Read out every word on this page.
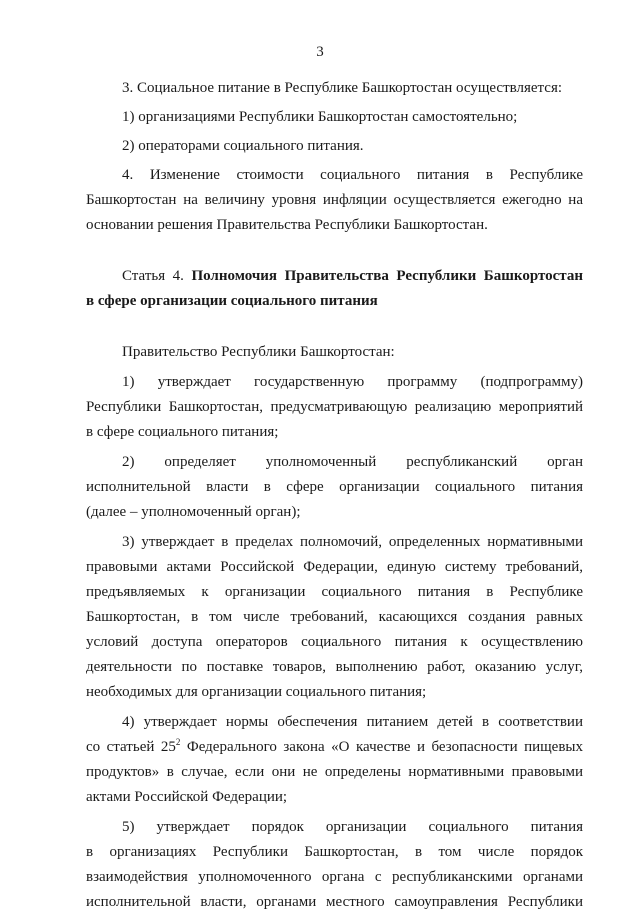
3

3. Социальное питание в Республике Башкортостан осуществляется:

1) организациями Республики Башкортостан самостоятельно;

2) операторами социального питания.

4. Изменение стоимости социального питания в Республике
Башкортостан на величину уровня инфляции осуществляется ежегодно на
основании решения Правительства Республики Башкортостан.

Статья 4. Полномочия Правительства Республики Башкортостан
в сфере организации социального питания

Правительство Республики Башкортостан:

1) утверждает государственную программу (подпрограмму)
Республики Башкортостан, предусматривающую реализацию мероприятий
в сфере социального питания;

2) определяет уполномоченный республиканский орган
исполнительной власти в сфере организации социального питания
(далее – уполномоченный орган);

3) утверждает в пределах полномочий, определенных нормативными
правовыми актами Российской Федерации, единую систему требований,
предъявляемых к организации социального питания в Республике
Башкортостан, в том числе требований, касающихся создания равных
условий доступа операторов социального питания к осуществлению
деятельности по поставке товаров, выполнению работ, оказанию услуг,
необходимых для организации социального питания;

4) утверждает нормы обеспечения питанием детей в соответствии
со статьей $25^2$ Федерального закона «О качестве и безопасности пищевых
продуктов» в случае, если они не определены нормативными правовыми
актами Российской Федерации;

5) утверждает порядок организации социального питания
в организациях Республики Башкортостан, в том числе порядок
взаимодействия уполномоченного органа с республиканскими органами
исполнительной власти, органами местного самоуправления Республики
